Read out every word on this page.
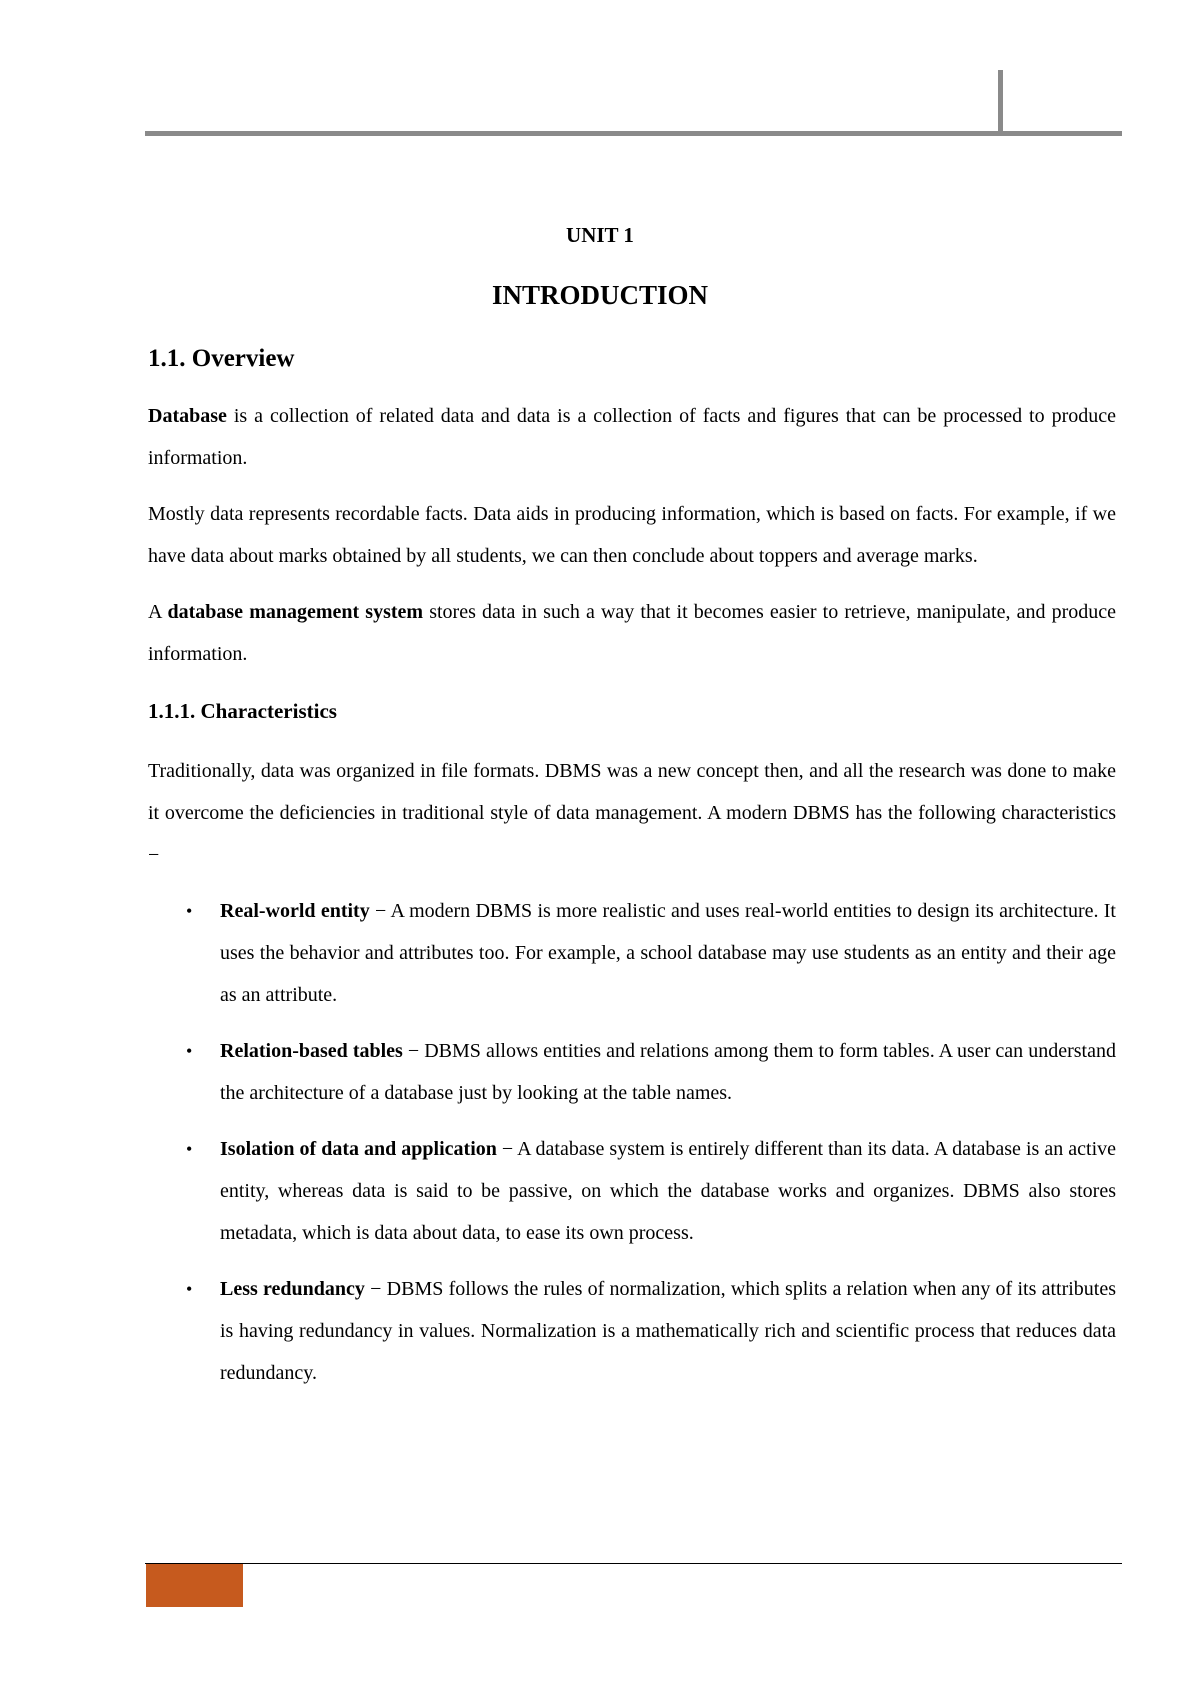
UNIT 1
INTRODUCTION
1.1. Overview

Database is a collection of related data and data is a collection of facts and figures that can be processed to produce information.

Mostly data represents recordable facts. Data aids in producing information, which is based on facts. For example, if we have data about marks obtained by all students, we can then conclude about toppers and average marks.

A database management system stores data in such a way that it becomes easier to retrieve, manipulate, and produce information.

1.1.1. Characteristics

Traditionally, data was organized in file formats. DBMS was a new concept then, and all the research was done to make it overcome the deficiencies in traditional style of data management. A modern DBMS has the following characteristics −

• Real-world entity − A modern DBMS is more realistic and uses real-world entities to design its architecture. It uses the behavior and attributes too. For example, a school database may use students as an entity and their age as an attribute.
• Relation-based tables − DBMS allows entities and relations among them to form tables. A user can understand the architecture of a database just by looking at the table names.
• Isolation of data and application − A database system is entirely different than its data. A database is an active entity, whereas data is said to be passive, on which the database works and organizes. DBMS also stores metadata, which is data about data, to ease its own process.
• Less redundancy − DBMS follows the rules of normalization, which splits a relation when any of its attributes is having redundancy in values. Normalization is a mathematically rich and scientific process that reduces data redundancy.
